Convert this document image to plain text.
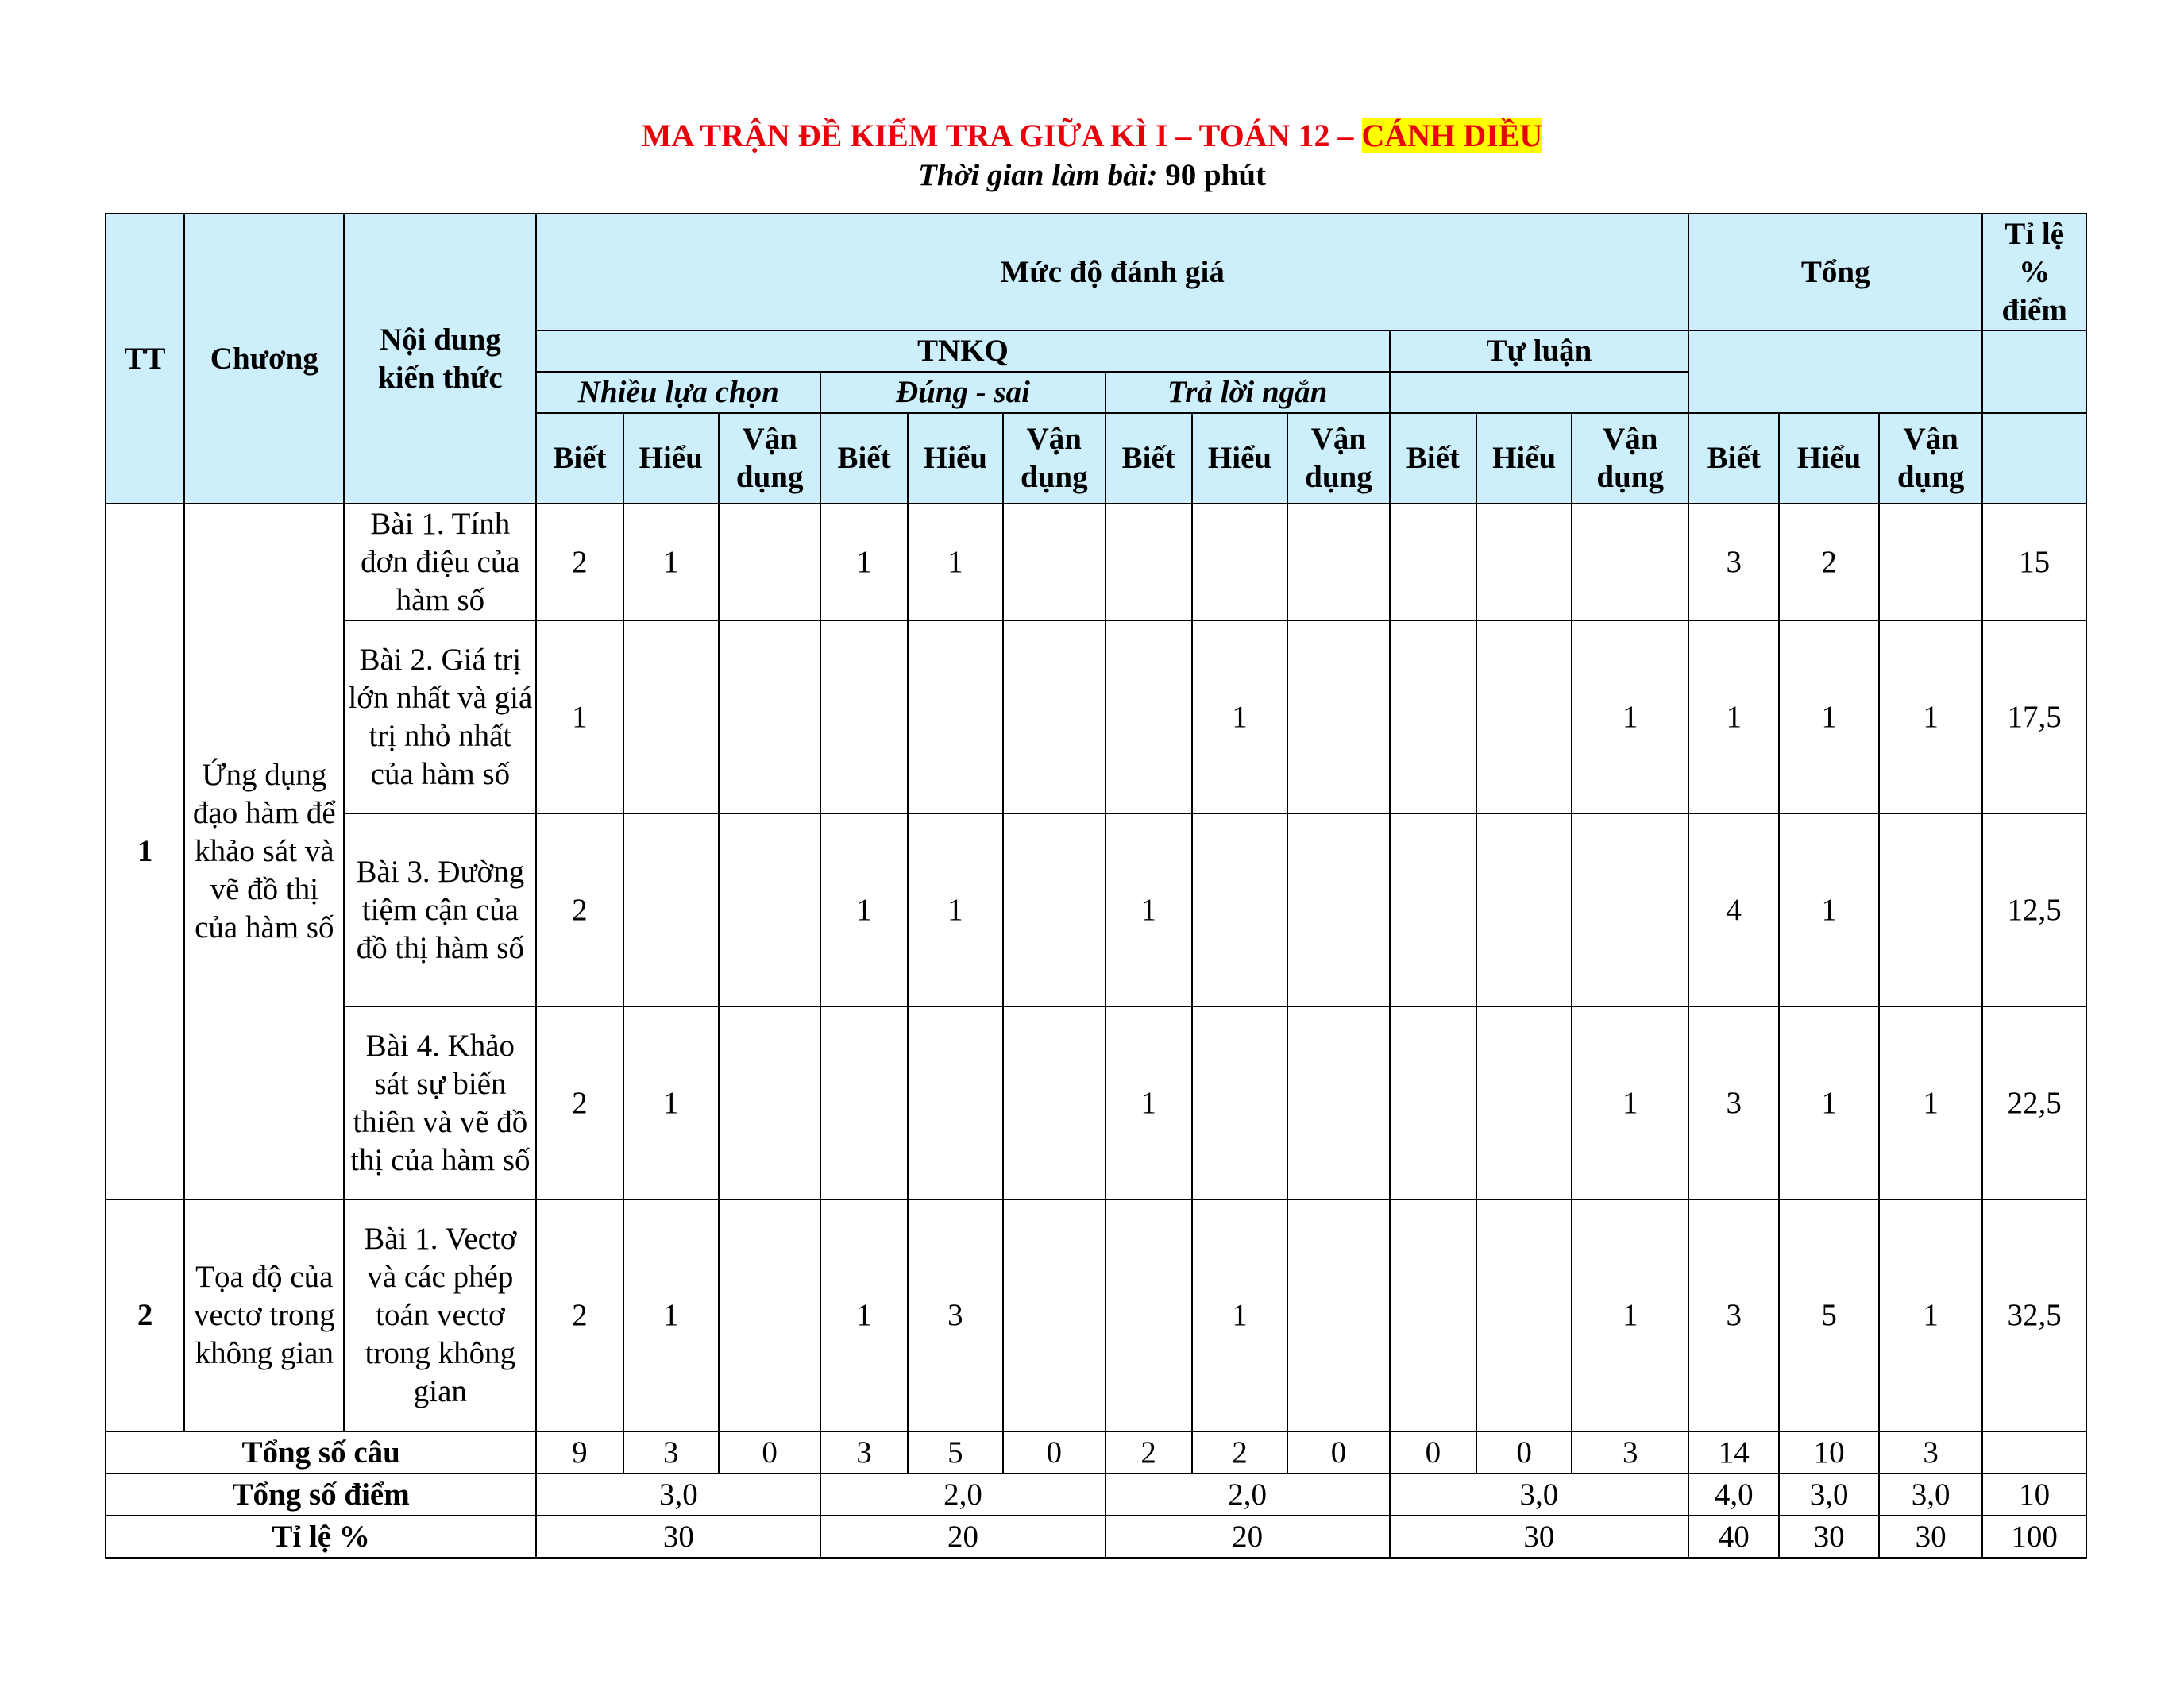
MA TRẬN ĐỀ KIỂM TRA GIỮA KÌ I – TOÁN 12 – CÁNH DIỀU
Thời gian làm bài: 90 phút
TT	Chương	Nội dung kiến thức	Mức độ đánh giá												Tổng			Tỉ lệ % điểm
			TNKQ									Tự luận						
			Nhiều lựa chọn			Đúng - sai			Trả lời ngắn									
			Biết	Hiểu	Vận dụng	Biết	Hiểu	Vận dụng	Biết	Hiểu	Vận dụng	Biết	Hiểu	Vận dụng	Biết	Hiểu	Vận dụng	
1	Ứng dụng đạo hàm để khảo sát và vẽ đồ thị của hàm số	Bài 1. Tính đơn điệu của hàm số	2	1		1	1								3	2		15
		Bài 2. Giá trị lớn nhất và giá trị nhỏ nhất của hàm số	1							1				1	1	1	1	17,5
		Bài 3. Đường tiệm cận của đồ thị hàm số	2			1	1		1						4	1		12,5
		Bài 4. Khảo sát sự biến thiên và vẽ đồ thị của hàm số	2	1					1					1	3	1	1	22,5
2	Tọa độ của vectơ trong không gian	Bài 1. Vectơ và các phép toán vectơ trong không gian	2	1		1	3			1				1	3	5	1	32,5
Tổng số câu			9	3	0	3	5	0	2	2	0	0	0	3	14	10	3	
Tổng số điểm			3,0			2,0			2,0			3,0			4,0	3,0	3,0	10
Tỉ lệ %			30			20			20			30			40	30	30	100
